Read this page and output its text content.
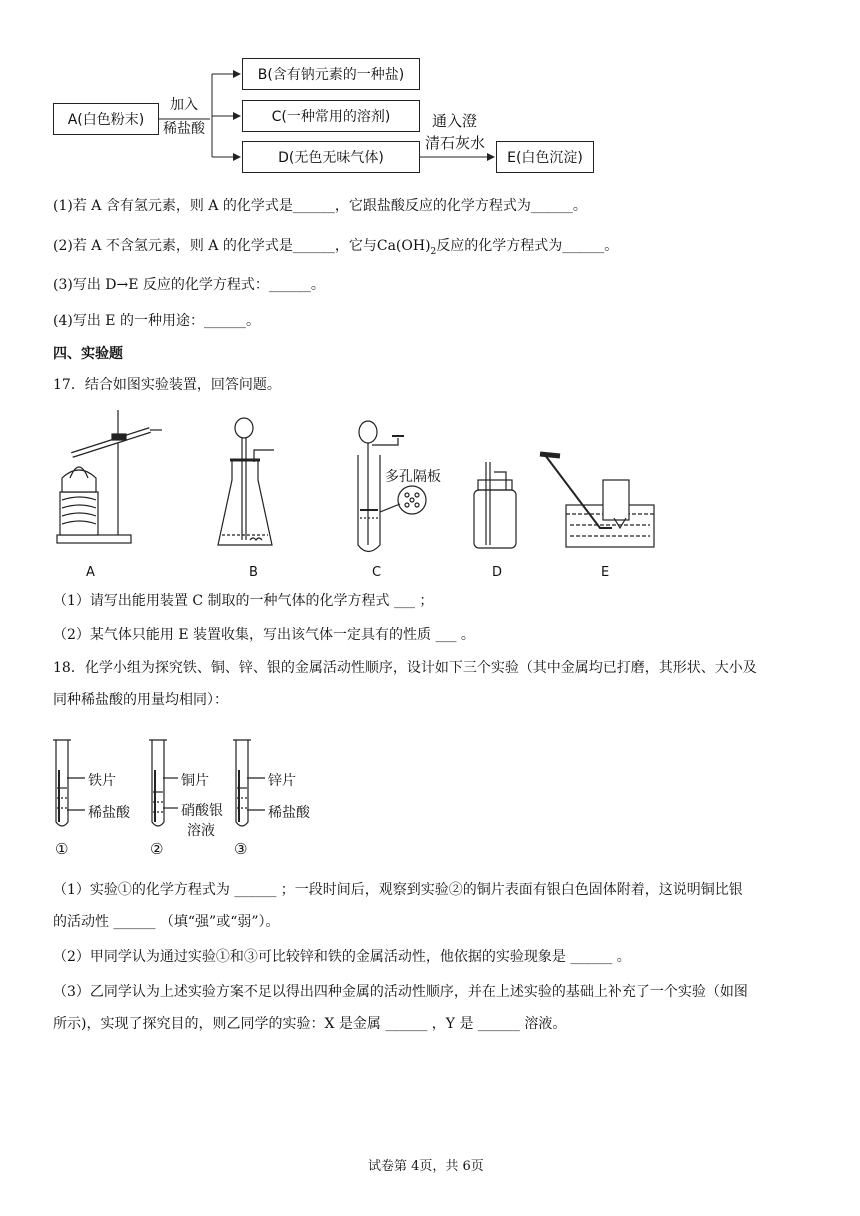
A(白色粉末)
加入
稀盐酸
B(含有钠元素的一种盐)
C(一种常用的溶剂)
D(无色无味气体)
通入澄
清石灰水
E(白色沉淀)
(1)若 A 含有氢元素，则 A 的化学式是______，它跟盐酸反应的化学方程式为______。
(2)若 A 不含氢元素，则 A 的化学式是______，它与$Ca(OH)_2$反应的化学方程式为______。
(3)写出 D→E 反应的化学方程式：______。
(4)写出 E 的一种用途：______。
四、实验题
17．结合如图实验装置，回答问题。
多孔隔板
A	B	C	D	E
（1）请写出能用装置 C 制取的一种气体的化学方程式 ___ ；
（2）某气体只能用 E 装置收集，写出该气体一定具有的性质 ___ 。
18．化学小组为探究铁、铜、锌、银的金属活动性顺序，设计如下三个实验（其中金属均已打磨，其形状、大小及
同种稀盐酸的用量均相同）：
铁片
稀盐酸
铜片
硝酸银
溶液
锌片
稀盐酸
①	②	③
（1）实验①的化学方程式为 ______ ；一段时间后，观察到实验②的铜片表面有银白色固体附着，这说明铜比银
的活动性 ______ （填“强”或“弱”）。
（2）甲同学认为通过实验①和③可比较锌和铁的金属活动性，他依据的实验现象是 ______ 。
（3）乙同学认为上述实验方案不足以得出四种金属的活动性顺序，并在上述实验的基础上补充了一个实验（如图
所示)，实现了探究目的，则乙同学的实验：X 是金属 ______ ，Y 是 ______ 溶液。
试卷第 4页，共 6页
